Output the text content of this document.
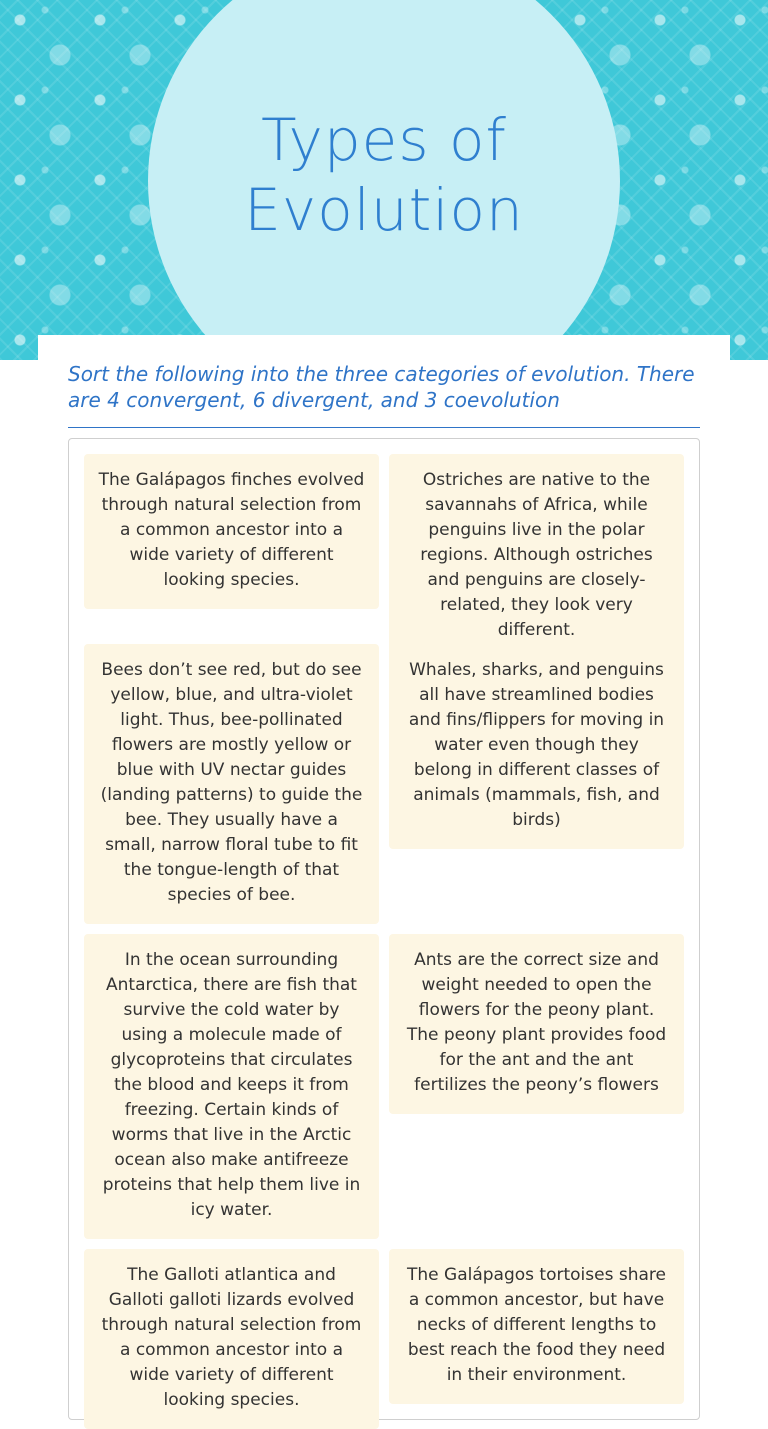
Types of
Evolution
Sort the following into the three categories of evolution. There are 4 convergent, 6 divergent, and 3 coevolution
The Galápagos finches evolved through natural selection from a common ancestor into a wide variety of different looking species.
Ostriches are native to the savannahs of Africa, while penguins live in the polar regions. Although ostriches and penguins are closely-related, they look very different.
Bees don’t see red, but do see yellow, blue, and ultra-violet light. Thus, bee-pollinated flowers are mostly yellow or blue with UV nectar guides (landing patterns) to guide the bee. They usually have a small, narrow floral tube to fit the tongue-length of that species of bee.
Whales, sharks, and penguins all have streamlined bodies and fins/flippers for moving in water even though they belong in different classes of animals (mammals, fish, and birds)
In the ocean surrounding Antarctica, there are fish that survive the cold water by using a molecule made of glycoproteins that circulates the blood and keeps it from freezing. Certain kinds of worms that live in the Arctic ocean also make antifreeze proteins that help them live in icy water.
Ants are the correct size and weight needed to open the flowers for the peony plant. The peony plant provides food for the ant and the ant fertilizes the peony’s flowers
The Galloti atlantica and Galloti galloti lizards evolved through natural selection from a common ancestor into a wide variety of different looking species.
The Galápagos tortoises share a common ancestor, but have necks of different lengths to best reach the food they need in their environment.
